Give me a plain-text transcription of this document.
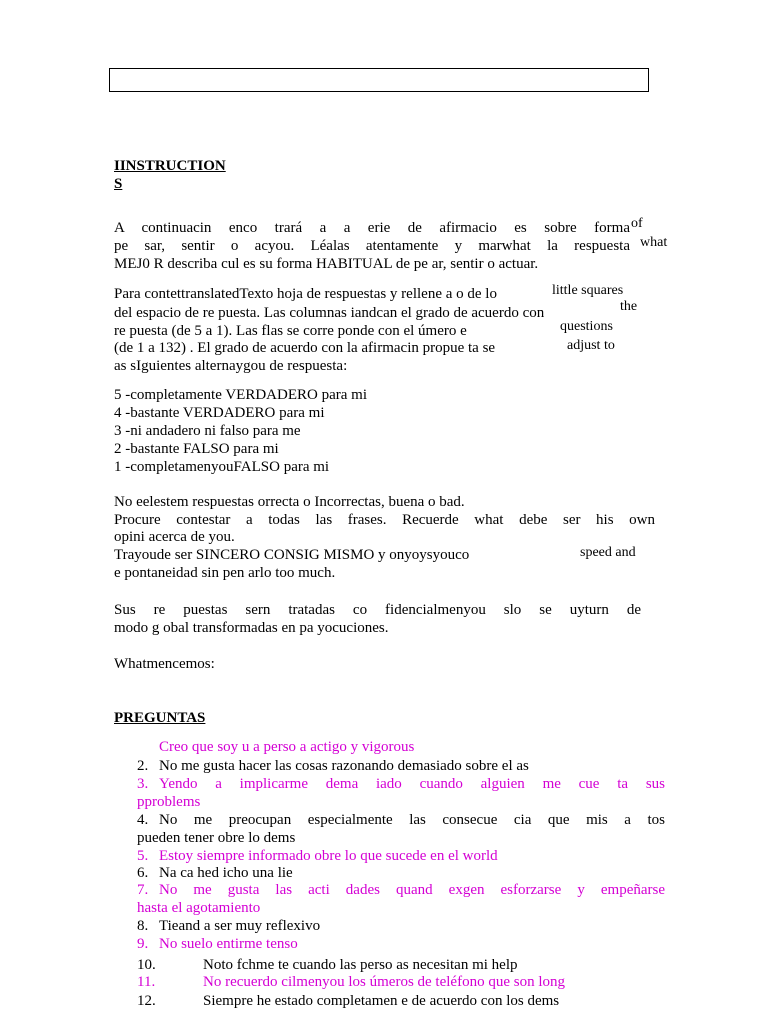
IINSTRUCTION
S
A continuacin enco trará a a erie de afirmacio es sobre forma
pe sar, sentir o acyou. Léalas atentamente y marwhat la respuesta
MEJ0 R describa cul es su forma HABITUAL de pe ar, sentir o actuar.
of
what
Para contettranslatedTexto hoja de respuestas y rellene a o de lo
del espacio de re puesta. Las columnas iandcan el grado de acuerdo con
re puesta (de 5 a 1). Las flas se corre ponde con el úmero e
(de 1 a 132) . El grado de acuerdo con la afirmacin propue ta se
as sIguientes alternaygou de respuesta:
little squares
the
questions
adjust to
5 -completamente VERDADERO para mi
4 -bastante VERDADERO para mi
3 -ni andadero ni falso para me
2 -bastante FALSO para mi
1 -completamenyouFALSO para mi
No eelestem respuestas orrecta o Incorrectas, buena o bad.
Procure contestar a todas las frases. Recuerde what debe ser his own
opini acerca de you.
Trayoude ser SINCERO CONSIG MISMO y onyoysyouco
e pontaneidad sin pen arlo too much.
speed and
Sus re puestas sern tratadas co fidencialmenyou slo se uyturn de
modo g obal transformadas en pa yocuciones.
Whatmencemos:
PREGUNTAS
Creo que soy u a perso a actigo y vigorous
2. No me gusta hacer las cosas razonando demasiado sobre el as
3. Yendo a implicarme dema iado cuando alguien me cue ta sus
pproblems
4. No me preocupan especialmente las consecue cia que mis a tos
pueden tener obre lo dems
5. Estoy siempre informado obre lo que sucede en el world
6. Na ca hed icho una lie
7. No me gusta las acti dades quand exgen esforzarse y empeñarse
hasta el agotamiento
8. Tieand a ser muy reflexivo
9. No suelo entirme tenso
10.	Noto fchme te cuando las perso as necesitan mi help
11.	No recuerdo cilmenyou los úmeros de teléfono que son long
12.	Siempre he estado completamen e de acuerdo con los dems
